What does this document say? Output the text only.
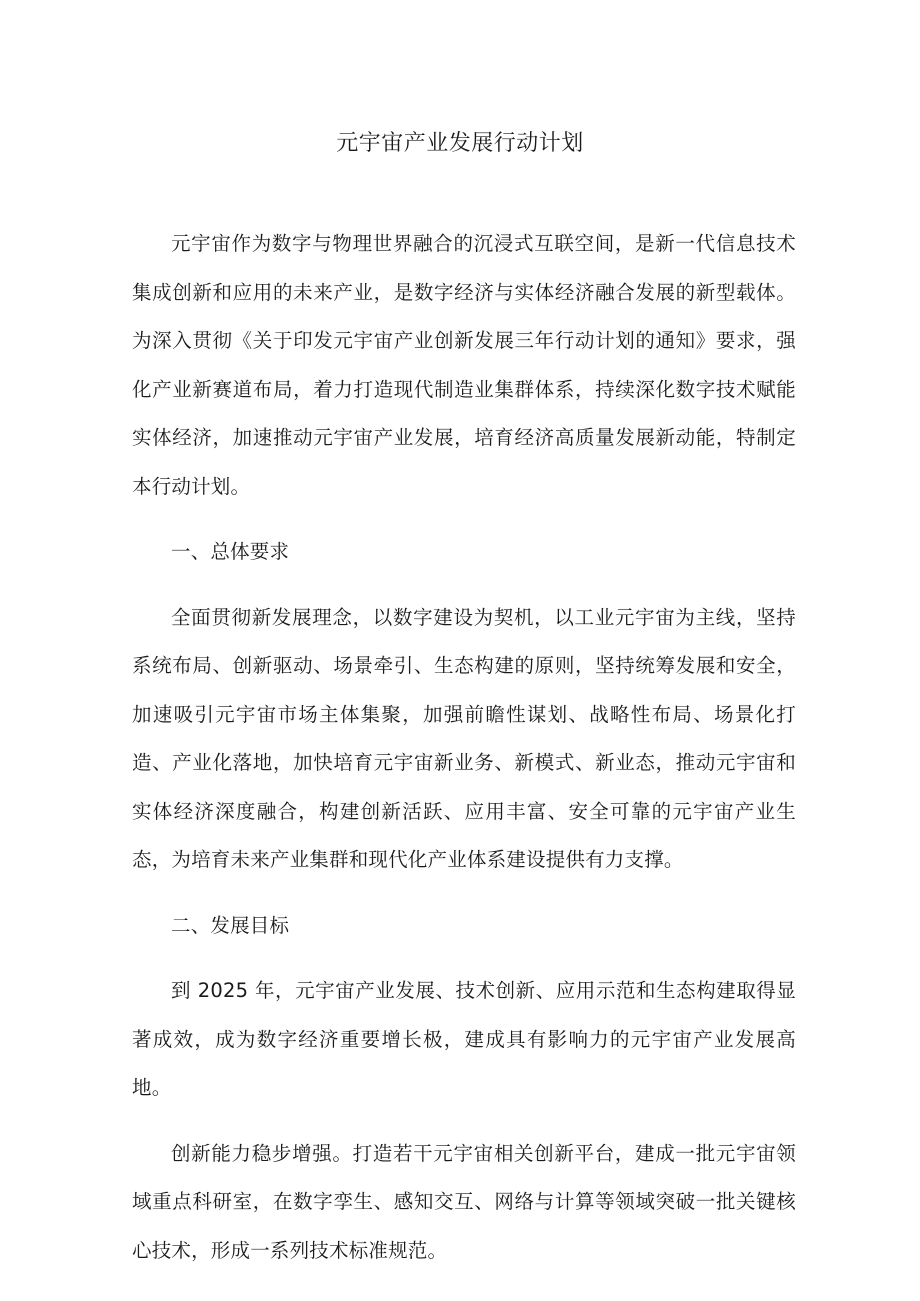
元宇宙产业发展行动计划

元宇宙作为数字与物理世界融合的沉浸式互联空间，是新一代信息技术集成创新和应用的未来产业，是数字经济与实体经济融合发展的新型载体。为深入贯彻《关于印发元宇宙产业创新发展三年行动计划的通知》要求，强化产业新赛道布局，着力打造现代制造业集群体系，持续深化数字技术赋能实体经济，加速推动元宇宙产业发展，培育经济高质量发展新动能，特制定本行动计划。

一、总体要求

全面贯彻新发展理念，以数字建设为契机，以工业元宇宙为主线，坚持系统布局、创新驱动、场景牵引、生态构建的原则，坚持统筹发展和安全，加速吸引元宇宙市场主体集聚，加强前瞻性谋划、战略性布局、场景化打造、产业化落地，加快培育元宇宙新业务、新模式、新业态，推动元宇宙和实体经济深度融合，构建创新活跃、应用丰富、安全可靠的元宇宙产业生态，为培育未来产业集群和现代化产业体系建设提供有力支撑。

二、发展目标

到 2025 年，元宇宙产业发展、技术创新、应用示范和生态构建取得显著成效，成为数字经济重要增长极，建成具有影响力的元宇宙产业发展高地。

创新能力稳步增强。打造若干元宇宙相关创新平台，建成一批元宇宙领域重点科研室，在数字孪生、感知交互、网络与计算等领域突破一批关键核心技术，形成一系列技术标准规范。
